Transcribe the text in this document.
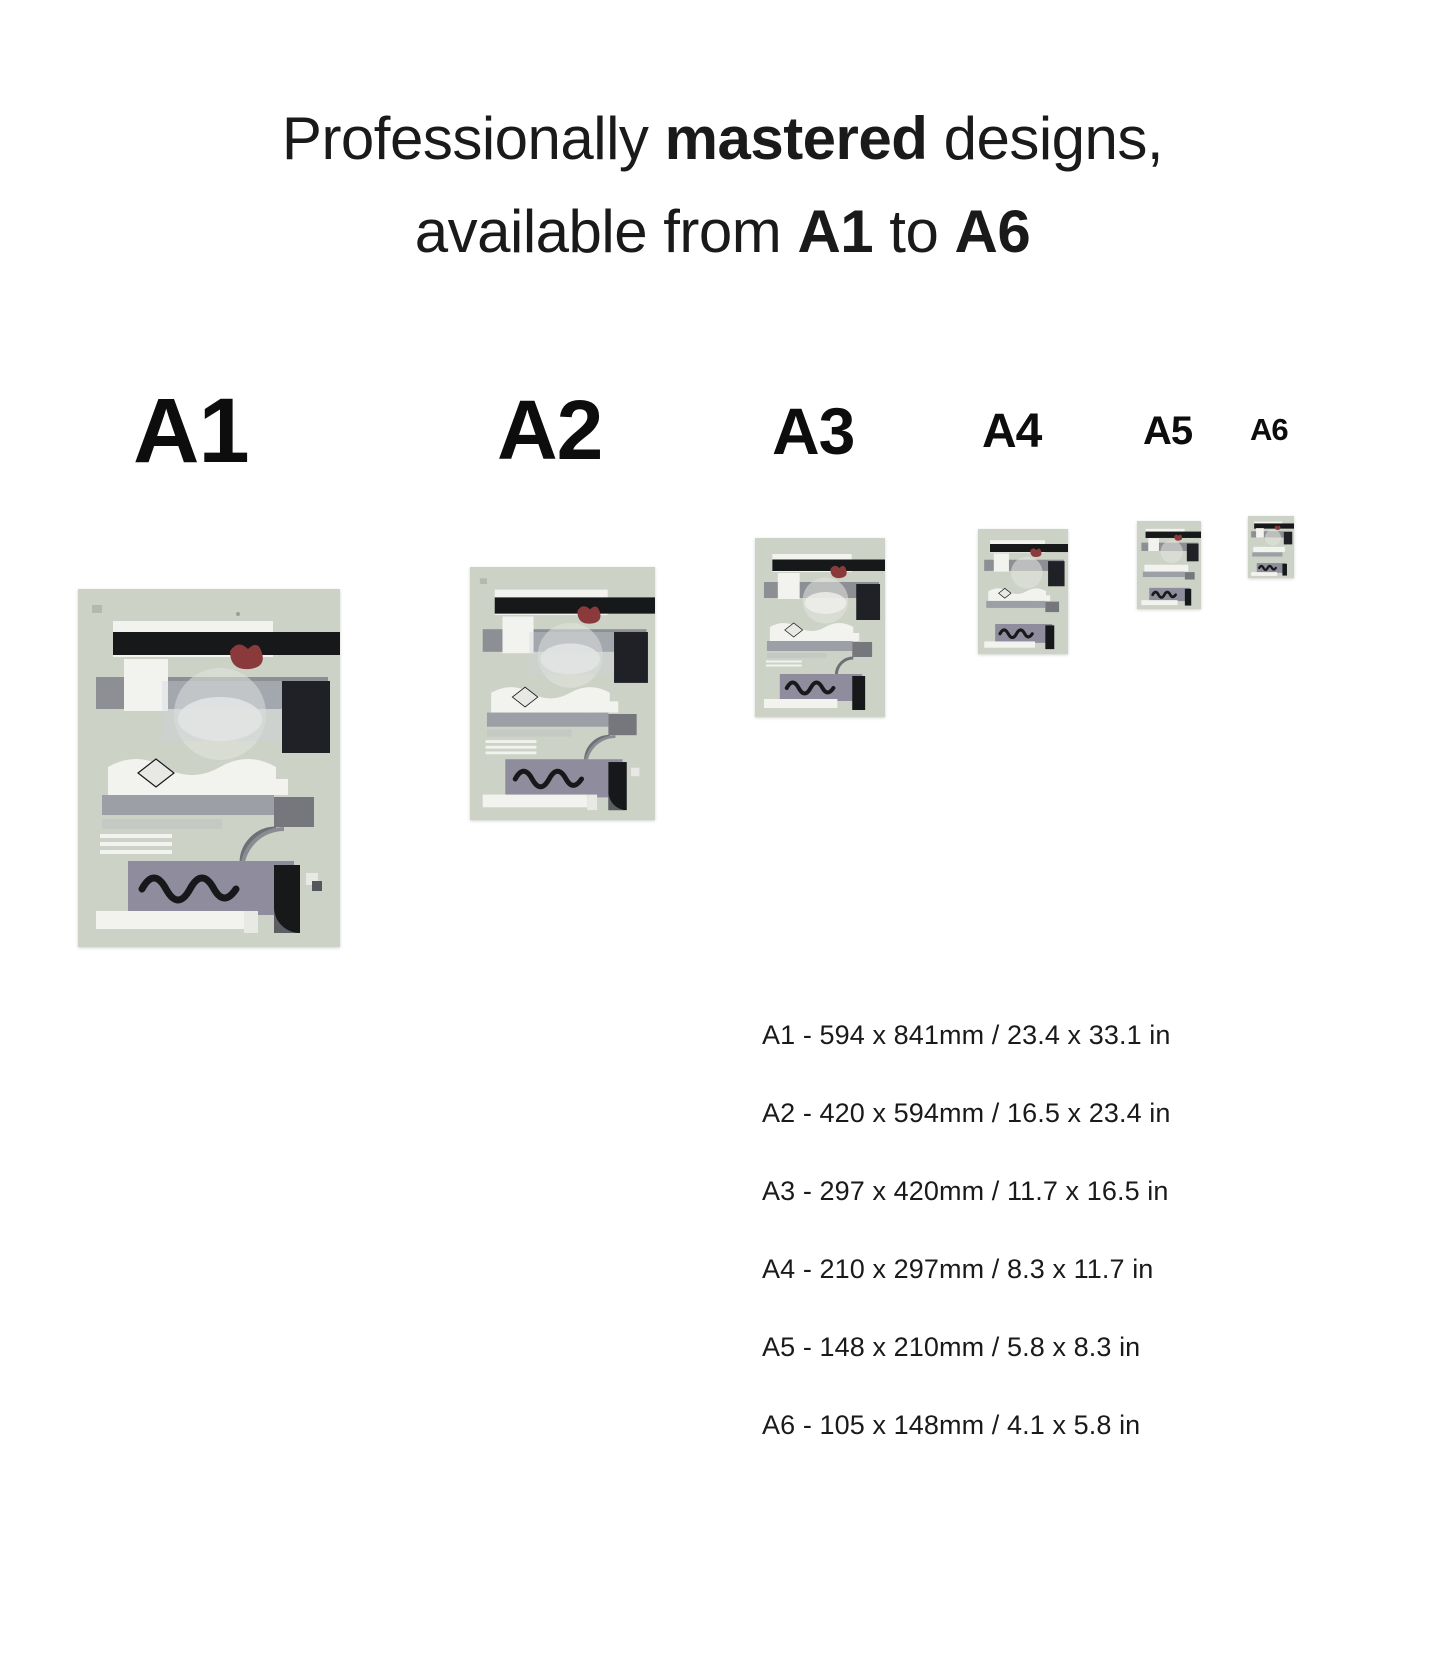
Professionally mastered designs,
available from A1 to A6
A1	A2	A3	A4	A5 A6
A1 - 594 x 841mm / 23.4 x 33.1 in
A2 - 420 x 594mm / 16.5 x 23.4 in
A3 - 297 x 420mm / 11.7 x 16.5 in
A4 - 210 x 297mm / 8.3 x 11.7 in
A5 - 148 x 210mm / 5.8 x 8.3 in
A6 - 105 x 148mm / 4.1 x 5.8 in
